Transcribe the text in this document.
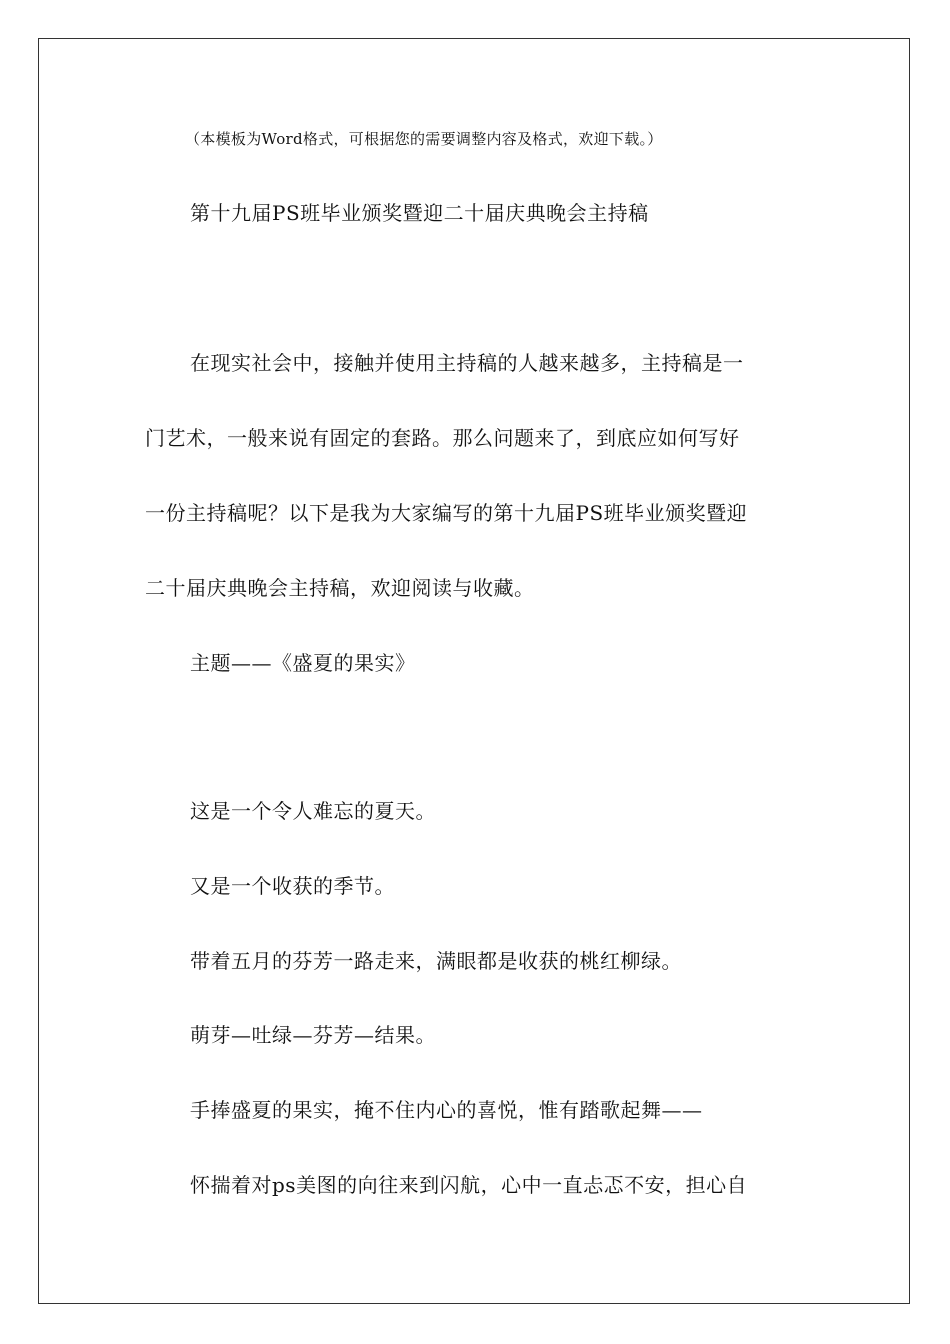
（本模板为Word格式，可根据您的需要调整内容及格式，欢迎下载。）
第十九届PS班毕业颁奖暨迎二十届庆典晚会主持稿
在现实社会中，接触并使用主持稿的人越来越多，主持稿是一
门艺术，一般来说有固定的套路。那么问题来了，到底应如何写好
一份主持稿呢？以下是我为大家编写的第十九届PS班毕业颁奖暨迎
二十届庆典晚会主持稿，欢迎阅读与收藏。
主题——《盛夏的果实》
这是一个令人难忘的夏天。
又是一个收获的季节。
带着五月的芬芳一路走来，满眼都是收获的桃红柳绿。
萌芽—吐绿—芬芳—结果。
手捧盛夏的果实，掩不住内心的喜悦，惟有踏歌起舞——
怀揣着对ps美图的向往来到闪航，心中一直忐忑不安，担心自
